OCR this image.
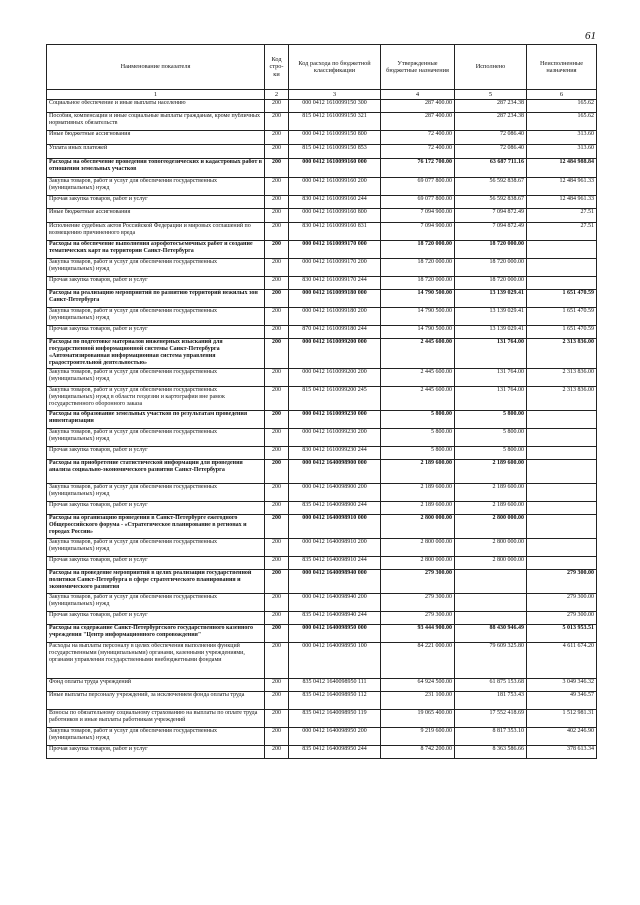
61
Наименование показателя	Код стро-ки	Код расхода по бюджетной классификации	Утвержденные бюджетные назначения	Исполнено	Неисполненные назначения
1	2	3	4	5	6
Социальное обеспечение и иные выплаты населению	200	000 0412 1610099150 300	287 400.00	287 234.38	165.62
Пособия, компенсации и иные социальные выплаты гражданам, кроме публичных нормативных обязательств	200	815 0412 1610099150 321	287 400.00	287 234.38	165.62
Иные бюджетные ассигнования	200	000 0412 1610099150 800	72 400.00	72 086.40	313.60
Уплата иных платежей	200	815 0412 1610099150 853	72 400.00	72 086.40	313.60
Расходы на обеспечение проведения топогеодезических и кадастровых работ в отношении земельных участков	200	000 0412 1610099160 000	76 172 700.00	63 687 711.16	12 484 988.84
Закупка товаров, работ и услуг для обеспечения государственных (муниципальных) нужд	200	000 0412 1610099160 200	69 077 800.00	56 592 838.67	12 484 961.33
Прочая закупка товаров, работ и услуг	200	830 0412 1610099160 244	69 077 800.00	56 592 838.67	12 484 961.33
Иные бюджетные ассигнования	200	000 0412 1610099160 800	7 094 900.00	7 094 872.49	27.51
Исполнение судебных актов Российской Федерации и мировых соглашений по возмещению причиненного вреда	200	830 0412 1610099160 831	7 094 900.00	7 094 872.49	27.51
Расходы на обеспечение выполнения аэрофотосъемочных работ и создание тематических карт на территории Санкт-Петербурга	200	000 0412 1610099170 000	18 720 000.00	18 720 000.00	
Закупка товаров, работ и услуг для обеспечения государственных (муниципальных) нужд	200	000 0412 1610099170 200	18 720 000.00	18 720 000.00	
Прочая закупка товаров, работ и услуг	200	830 0412 1610099170 244	18 720 000.00	18 720 000.00	
Расходы на реализацию мероприятий по развитию территорий нежилых зон Санкт-Петербурга	200	000 0412 1610099180 000	14 790 500.00	13 139 029.41	1 651 470.59
Закупка товаров, работ и услуг для обеспечения государственных (муниципальных) нужд	200	000 0412 1610099180 200	14 790 500.00	13 139 029.41	1 651 470.59
Прочая закупка товаров, работ и услуг	200	870 0412 1610099180 244	14 790 500.00	13 139 029.41	1 651 470.59
Расходы по подготовке материалов инженерных изысканий для государственной информационной системы Санкт-Петербурга «Автоматизированная информационная система управления градостроительной деятельностью»	200	000 0412 1610099200 000	2 445 600.00	131 764.00	2 313 836.00
Закупка товаров, работ и услуг для обеспечения государственных (муниципальных) нужд	200	000 0412 1610099200 200	2 445 600.00	131 764.00	2 313 836.00
Закупка товаров, работ и услуг для обеспечения государственных (муниципальных) нужд в области геодезии и картографии вне рамок государственного оборонного заказа	200	815 0412 1610099200 245	2 445 600.00	131 764.00	2 313 836.00
Расходы на образование земельных участков по результатам проведения инвентаризации	200	000 0412 1610099230 000	5 800.00	5 800.00	
Закупка товаров, работ и услуг для обеспечения государственных (муниципальных) нужд	200	000 0412 1610099230 200	5 800.00	5 800.00	
Прочая закупка товаров, работ и услуг	200	830 0412 1610099230 244	5 800.00	5 800.00	
Расходы на приобретение статистической информации для проведения анализа социально-экономического развития Санкт-Петербурга	200	000 0412 1640098900 000	2 189 600.00	2 189 600.00	
Закупка товаров, работ и услуг для обеспечения государственных (муниципальных) нужд	200	000 0412 1640098900 200	2 189 600.00	2 189 600.00	
Прочая закупка товаров, работ и услуг	200	835 0412 1640098900 244	2 189 600.00	2 189 600.00	
Расходы на организацию проведения в Санкт-Петербурге ежегодного Общероссийского форума - «Стратегическое планирование в регионах и городах России»	200	000 0412 1640098910 000	2 800 000.00	2 800 000.00	
Закупка товаров, работ и услуг для обеспечения государственных (муниципальных) нужд	200	000 0412 1640098910 200	2 800 000.00	2 800 000.00	
Прочая закупка товаров, работ и услуг	200	835 0412 1640098910 244	2 800 000.00	2 800 000.00	
Расходы на проведение мероприятий в целях реализации государственной политики Санкт-Петербурга в сфере стратегического планирования и экономического развития	200	000 0412 1640098940 000	279 300.00		279 300.00
Закупка товаров, работ и услуг для обеспечения государственных (муниципальных) нужд	200	000 0412 1640098940 200	279 300.00		279 300.00
Прочая закупка товаров, работ и услуг	200	835 0412 1640098940 244	279 300.00		279 300.00
Расходы на содержание Санкт-Петербургского государственного казенного учреждения "Центр информационного сопровождения"	200	000 0412 1640098950 000	93 444 900.00	88 430 946.49	5 013 953.51
Расходы на выплаты персоналу в целях обеспечения выполнения функций государственными (муниципальными) органами, казенными учреждениями, органами управления государственными внебюджетными фондами	200	000 0412 1640098950 100	84 221 000.00	79 609 325.80	4 611 674.20
Фонд оплаты труда учреждений	200	835 0412 1640098950 111	64 924 500.00	61 875 153.68	3 049 346.32
Иные выплаты персоналу учреждений, за исключением фонда оплаты труда	200	835 0412 1640098950 112	231 100.00	181 753.43	49 346.57
Взносы по обязательному социальному страхованию на выплаты по оплате труда работников и иные выплаты работникам учреждений	200	835 0412 1640098950 119	19 065 400.00	17 552 418.69	1 512 981.31
Закупка товаров, работ и услуг для обеспечения государственных (муниципальных) нужд	200	000 0412 1640098950 200	9 219 600.00	8 817 353.10	402 246.90
Прочая закупка товаров, работ и услуг	200	835 0412 1640098950 244	8 742 200.00	8 363 586.66	378 613.34
